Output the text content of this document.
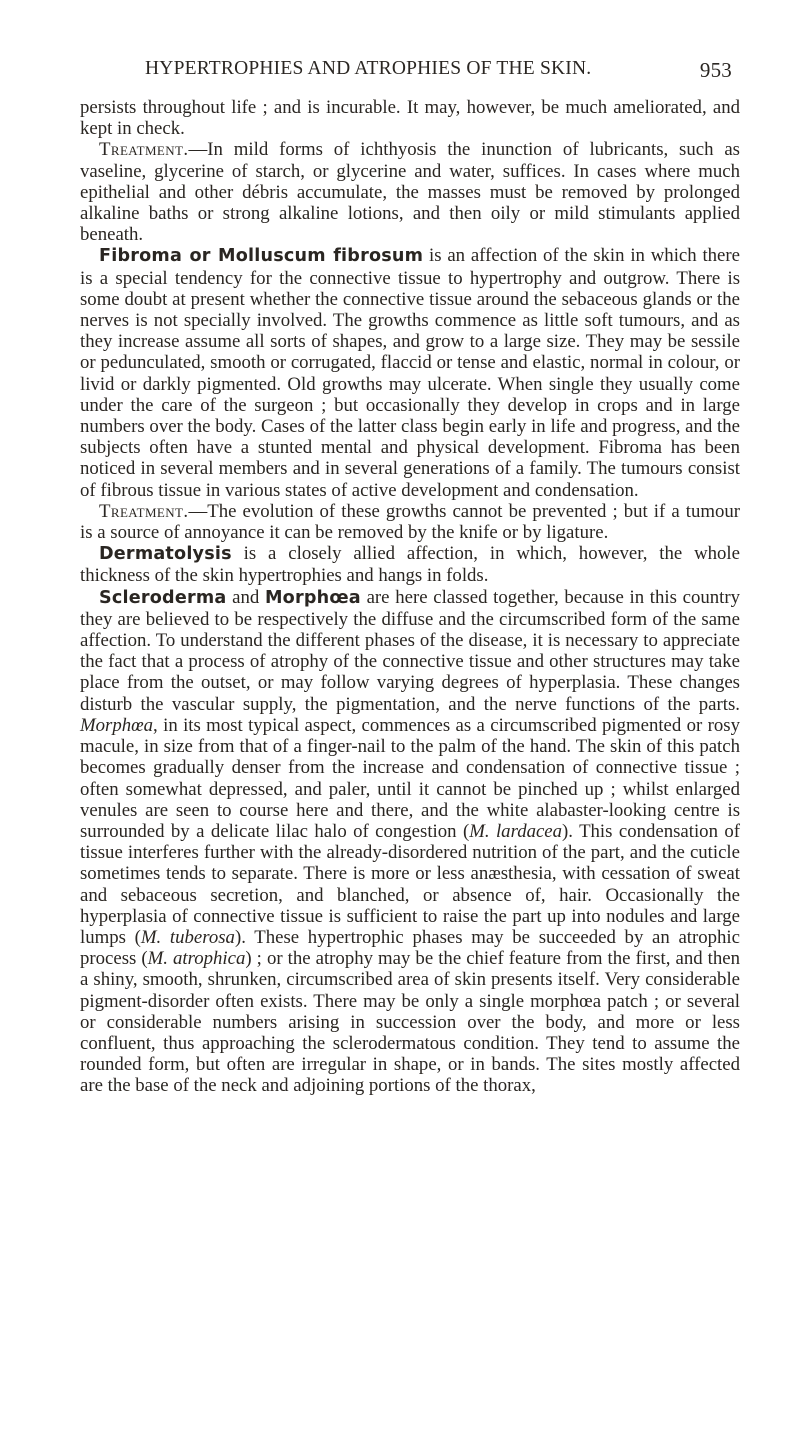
HYPERTROPHIES AND ATROPHIES OF THE SKIN.	953

persists throughout life ; and is incurable. It may, however, be much ameliorated, and kept in check.

Treatment.—In mild forms of ichthyosis the inunction of lubricants, such as vaseline, glycerine of starch, or glycerine and water, suffices. In cases where much epithelial and other débris accumulate, the masses must be removed by prolonged alkaline baths or strong alkaline lotions, and then oily or mild stimulants applied beneath.

Fibroma or Molluscum fibrosum is an affection of the skin in which there is a special tendency for the connective tissue to hypertrophy and outgrow. There is some doubt at present whether the connective tissue around the sebaceous glands or the nerves is not specially involved. The growths commence as little soft tumours, and as they increase assume all sorts of shapes, and grow to a large size. They may be sessile or pedunculated, smooth or corrugated, flaccid or tense and elastic, normal in colour, or livid or darkly pigmented. Old growths may ulcerate. When single they usually come under the care of the surgeon ; but occasionally they develop in crops and in large numbers over the body. Cases of the latter class begin early in life and progress, and the subjects often have a stunted mental and physical development. Fibroma has been noticed in several members and in several generations of a family. The tumours consist of fibrous tissue in various states of active development and condensation.

Treatment.—The evolution of these growths cannot be prevented ; but if a tumour is a source of annoyance it can be removed by the knife or by ligature.

Dermatolysis is a closely allied affection, in which, however, the whole thickness of the skin hypertrophies and hangs in folds.

Scleroderma and Morphœa are here classed together, because in this country they are believed to be respectively the diffuse and the circumscribed form of the same affection. To understand the different phases of the disease, it is necessary to appreciate the fact that a process of atrophy of the connective tissue and other structures may take place from the outset, or may follow varying degrees of hyperplasia. These changes disturb the vascular supply, the pigmentation, and the nerve functions of the parts. Morphœa, in its most typical aspect, commences as a circumscribed pigmented or rosy macule, in size from that of a finger-nail to the palm of the hand. The skin of this patch becomes gradually denser from the increase and condensation of connective tissue ; often somewhat depressed, and paler, until it cannot be pinched up ; whilst enlarged venules are seen to course here and there, and the white alabaster-looking centre is surrounded by a delicate lilac halo of congestion (M. lardacea). This condensation of tissue interferes further with the already-disordered nutrition of the part, and the cuticle sometimes tends to separate. There is more or less anæsthesia, with cessation of sweat and sebaceous secretion, and blanched, or absence of, hair. Occasionally the hyperplasia of connective tissue is sufficient to raise the part up into nodules and large lumps (M. tuberosa). These hypertrophic phases may be succeeded by an atrophic process (M. atrophica) ; or the atrophy may be the chief feature from the first, and then a shiny, smooth, shrunken, circumscribed area of skin presents itself. Very considerable pigment-disorder often exists. There may be only a single morphœa patch ; or several or considerable numbers arising in succession over the body, and more or less confluent, thus approaching the sclerodermatous condition. They tend to assume the rounded form, but often are irregular in shape, or in bands. The sites mostly affected are the base of the neck and adjoining portions of the thorax,
